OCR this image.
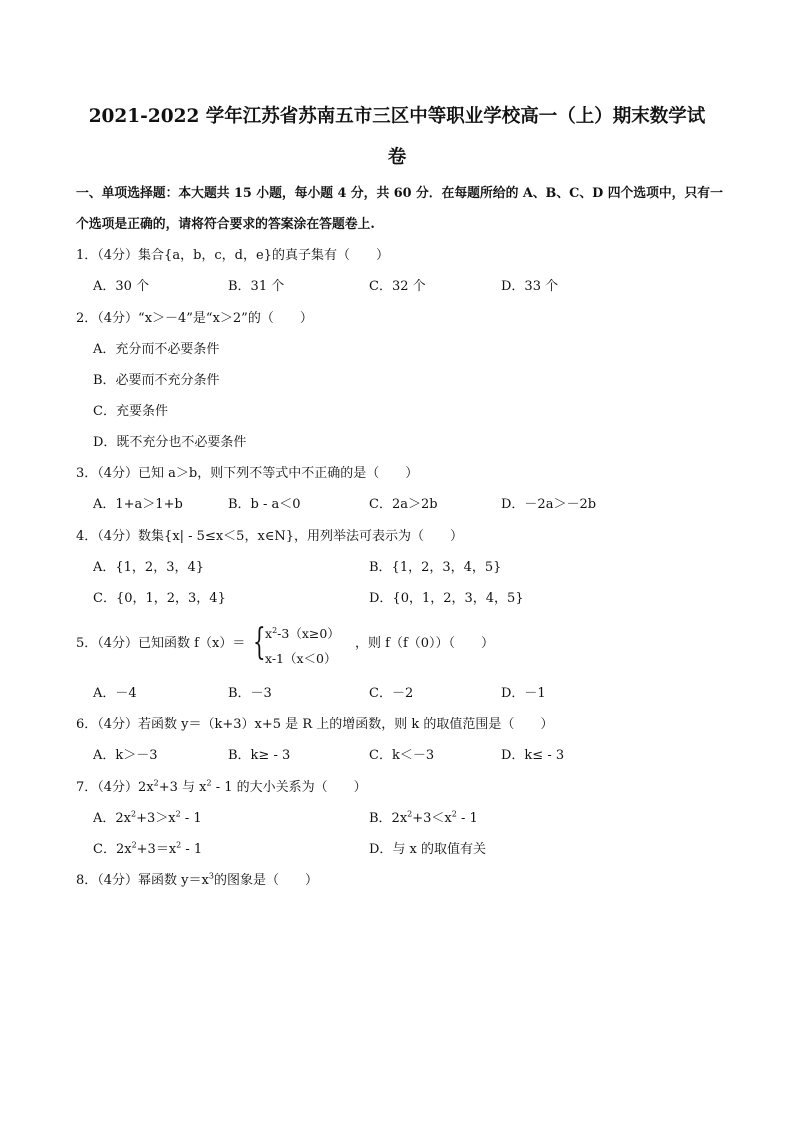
2021-2022 学年江苏省苏南五市三区中等职业学校高一（上）期末数学试
卷
一、单项选择题：本大题共 15 小题，每小题 4 分，共 60 分．在每题所给的 A、B、C、D 四个选项中，只有一个选项是正确的，请将符合要求的答案涂在答题卷上.
1．（4分）集合{a，b，c，d，e}的真子集有（　　）
A．30 个	B．31 个	C．32 个	D．33 个
2．（4分）“x＞－4”是“x＞2”的（　　）
A．充分而不必要条件
B．必要而不充分条件
C．充要条件
D．既不充分也不必要条件
3．（4分）已知 a＞b，则下列不等式中不正确的是（　　）
A．1+a＞1+b	B．b - a＜0	C．2a＞2b	D．－2a＞－2b
4．（4分）数集{x| - 5≤x＜5，x∈N}，用列举法可表示为（　　）
A．{1，2，3，4}	B．{1，2，3，4，5}
C．{0，1，2，3，4}	D．{0，1，2，3，4，5}
5．（4分）已知函数 f（x）＝ { $x^2-3(x\ge 0)$
x-1（x＜0）
，则 f（f（0））（　　）
A．－4	B．－3	C．－2	D．－1
6．（4分）若函数 y＝（k+3）x+5 是 R 上的增函数，则 k 的取值范围是（　　）
A．k＞－3	B．k≥ - 3	C．k＜－3	D．k≤ - 3
7．（4分）$2x^2+3$ 与 $x^2 - 1$ 的大小关系为（　　）
A．$2x^2+3>x^2 - 1$	B．$2x^2+3<x^2 - 1$
C．$2x^2+3=x^2 - 1$	D．与 x 的取值有关
8．（4分）幂函数 $y=x^3$的图象是（　　）
